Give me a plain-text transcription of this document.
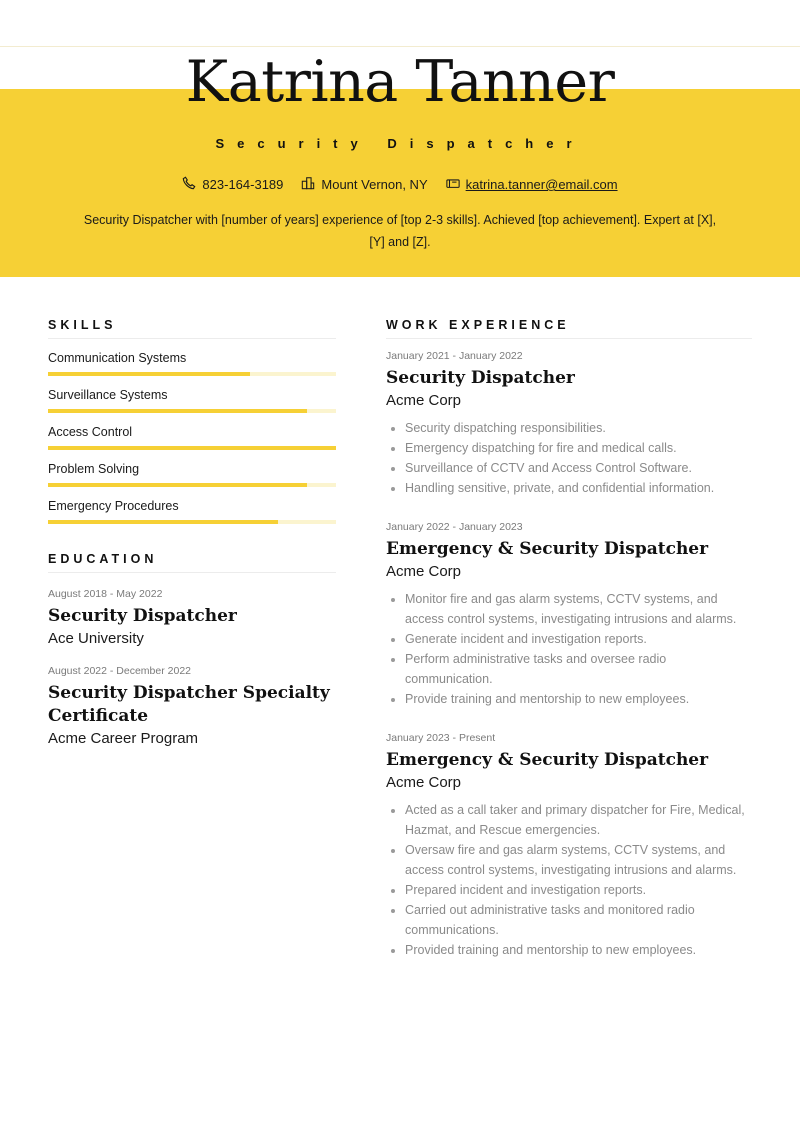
Katrina Tanner
Security Dispatcher
823-164-3189	Mount Vernon, NY	katrina.tanner@email.com
Security Dispatcher with [number of years] experience of [top 2-3 skills]. Achieved [top achievement]. Expert at [X], [Y] and [Z].
SKILLS
Communication Systems
Surveillance Systems
Access Control
Problem Solving
Emergency Procedures
EDUCATION
August 2018 - May 2022
Security Dispatcher
Ace University
August 2022 - December 2022
Security Dispatcher Specialty Certificate
Acme Career Program
WORK EXPERIENCE
January 2021 - January 2022
Security Dispatcher
Acme Corp
• Security dispatching responsibilities.
• Emergency dispatching for fire and medical calls.
• Surveillance of CCTV and Access Control Software.
• Handling sensitive, private, and confidential information.
January 2022 - January 2023
Emergency & Security Dispatcher
Acme Corp
• Monitor fire and gas alarm systems, CCTV systems, and access control systems, investigating intrusions and alarms.
• Generate incident and investigation reports.
• Perform administrative tasks and oversee radio communication.
• Provide training and mentorship to new employees.
January 2023 - Present
Emergency & Security Dispatcher
Acme Corp
• Acted as a call taker and primary dispatcher for Fire, Medical, Hazmat, and Rescue emergencies.
• Oversaw fire and gas alarm systems, CCTV systems, and access control systems, investigating intrusions and alarms.
• Prepared incident and investigation reports.
• Carried out administrative tasks and monitored radio communications.
• Provided training and mentorship to new employees.
